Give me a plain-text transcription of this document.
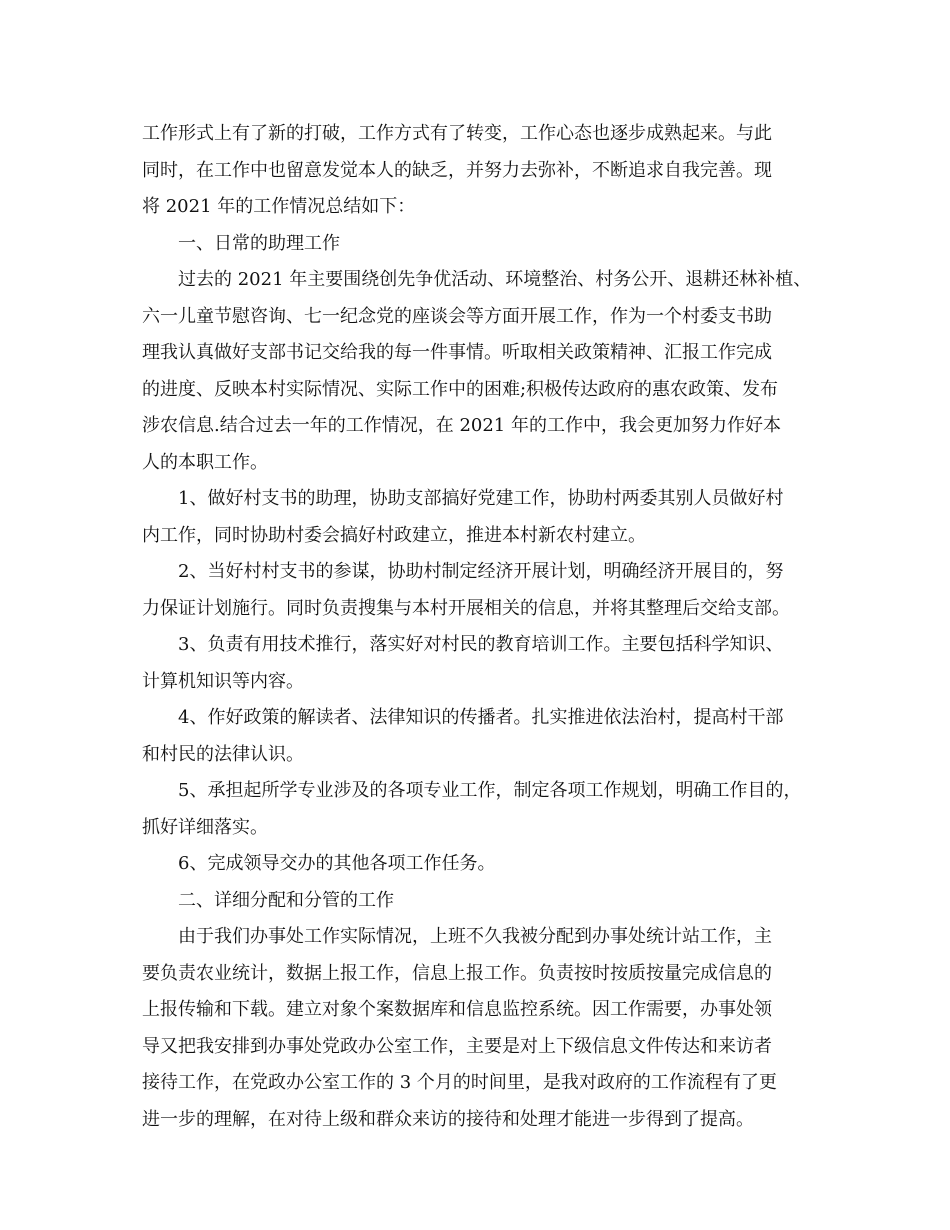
工作形式上有了新的打破，工作方式有了转变，工作心态也逐步成熟起来。与此
同时，在工作中也留意发觉本人的缺乏，并努力去弥补，不断追求自我完善。现
将 2021 年的工作情况总结如下：
一、日常的助理工作
过去的 2021 年主要围绕创先争优活动、环境整治、村务公开、退耕还林补植、
六一儿童节慰咨询、七一纪念党的座谈会等方面开展工作，作为一个村委支书助
理我认真做好支部书记交给我的每一件事情。听取相关政策精神、汇报工作完成
的进度、反映本村实际情况、实际工作中的困难;积极传达政府的惠农政策、发布
涉农信息.结合过去一年的工作情况，在 2021 年的工作中，我会更加努力作好本
人的本职工作。
1、做好村支书的助理，协助支部搞好党建工作，协助村两委其别人员做好村
内工作，同时协助村委会搞好村政建立，推进本村新农村建立。
2、当好村村支书的参谋，协助村制定经济开展计划，明确经济开展目的，努
力保证计划施行。同时负责搜集与本村开展相关的信息，并将其整理后交给支部。
3、负责有用技术推行，落实好对村民的教育培训工作。主要包括科学知识、
计算机知识等内容。
4、作好政策的解读者、法律知识的传播者。扎实推进依法治村，提高村干部
和村民的法律认识。
5、承担起所学专业涉及的各项专业工作，制定各项工作规划，明确工作目的，
抓好详细落实。
6、完成领导交办的其他各项工作任务。
二、详细分配和分管的工作
由于我们办事处工作实际情况，上班不久我被分配到办事处统计站工作，主
要负责农业统计，数据上报工作，信息上报工作。负责按时按质按量完成信息的
上报传输和下载。建立对象个案数据库和信息监控系统。因工作需要，办事处领
导又把我安排到办事处党政办公室工作，主要是对上下级信息文件传达和来访者
接待工作，在党政办公室工作的 3 个月的时间里，是我对政府的工作流程有了更
进一步的理解，在对待上级和群众来访的接待和处理才能进一步得到了提高。
